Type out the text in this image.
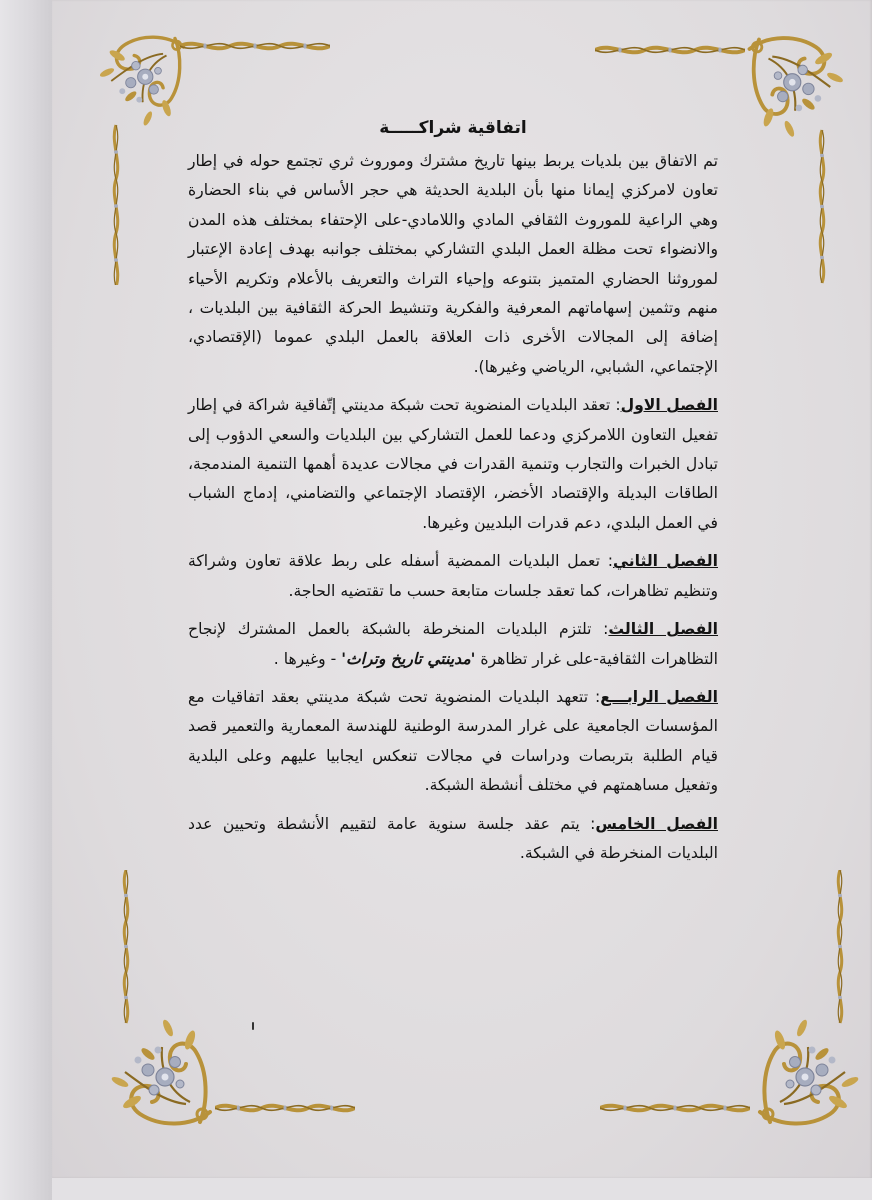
اتفاقية شراكـــــة

تم الاتفاق بين بلديات يربط بينها تاريخ مشترك وموروث ثري تجتمع حوله في إطار تعاون لامركزي إيمانا منها بأن البلدية الحديثة هي حجر الأساس في بناء الحضارة وهي الراعية للموروث الثقافي المادي واللامادي-على الإحتفاء بمختلف هذه المدن والانضواء تحت مظلة العمل البلدي التشاركي بمختلف جوانبه بهدف إعادة الإعتبار لموروثنا الحضاري المتميز بتنوعه وإحياء التراث والتعريف بالأعلام وتكريم الأحياء منهم وتثمين إسهاماتهم المعرفية والفكرية وتنشيط الحركة الثقافية بين البلديات ، إضافة إلى المجالات الأخرى ذات العلاقة بالعمل البلدي عموما (الإقتصادي، الإجتماعي، الشبابي، الرياضي وغيرها).

الفصل الاول: تعقد البلديات المنضوية تحت شبكة مدينتي إتّفاقية شراكة في إطار تفعيل التعاون اللامركزي ودعما للعمل التشاركي بين البلديات والسعي الدؤوب إلى تبادل الخبرات والتجارب وتنمية القدرات في مجالات عديدة أهمها التنمية المندمجة، الطاقات البديلة والإقتصاد الأخضر، الإقتصاد الإجتماعي والتضامني، إدماج الشباب في العمل البلدي، دعم قدرات البلديين وغيرها.

الفصل الثاني: تعمل البلديات الممضية أسفله على ربط علاقة تعاون وشراكة وتنظيم تظاهرات، كما تعقد جلسات متابعة حسب ما تقتضيه الحاجة.

الفصل الثالث: تلتزم البلديات المنخرطة بالشبكة بالعمل المشترك لإنجاح التظاهرات الثقافية-على غرار تظاهرة 'مدينتي تاريخ وتراث' - وغيرها .

الفصل الرابـــع: تتعهد البلديات المنضوية تحت شبكة مدينتي بعقد اتفاقيات مع المؤسسات الجامعية على غرار المدرسة الوطنية للهندسة المعمارية والتعمير قصد قيام الطلبة بتربصات ودراسات في مجالات تنعكس ايجابيا عليهم وعلى البلدية وتفعيل مساهمتهم في مختلف أنشطة الشبكة.

الفصل الخامس: يتم عقد جلسة سنوية عامة لتقييم الأنشطة وتحيين عدد البلديات المنخرطة في الشبكة.
